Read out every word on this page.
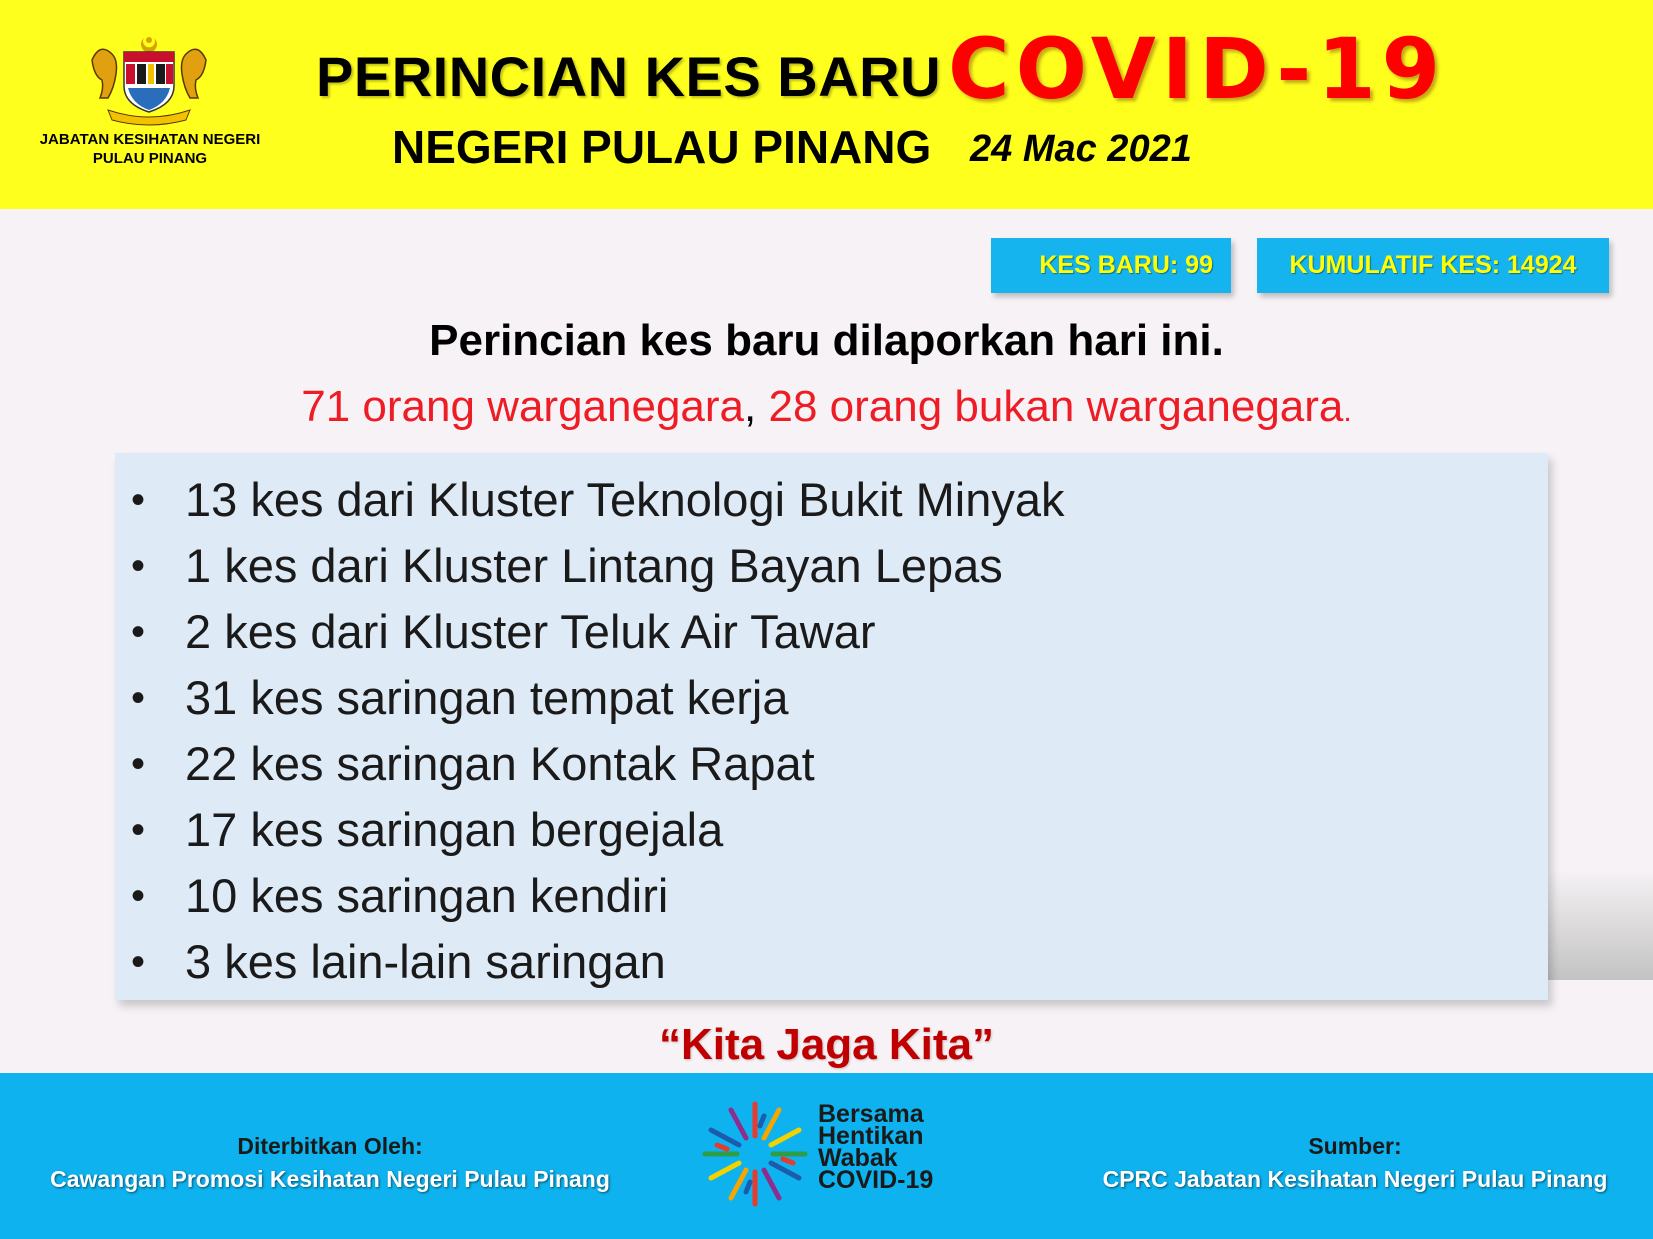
JABATAN KESIHATAN NEGERI
PULAU PINANG
PERINCIAN KES BARU COVID-19
NEGERI PULAU PINANG 24 Mac 2021
KES BARU: 99	KUMULATIF KES: 14924
Perincian kes baru dilaporkan hari ini.
71 orang warganegara, 28 orang bukan warganegara.
• 13 kes dari Kluster Teknologi Bukit Minyak
• 1 kes dari Kluster Lintang Bayan Lepas
• 2 kes dari Kluster Teluk Air Tawar
• 31 kes saringan tempat kerja
• 22 kes saringan Kontak Rapat
• 17 kes saringan bergejala
• 10 kes saringan kendiri
• 3 kes lain-lain saringan
“Kita Jaga Kita”
Diterbitkan Oleh:
Cawangan Promosi Kesihatan Negeri Pulau Pinang
Bersama
Hentikan
Wabak
COVID-19
Sumber:
CPRC Jabatan Kesihatan Negeri Pulau Pinang
